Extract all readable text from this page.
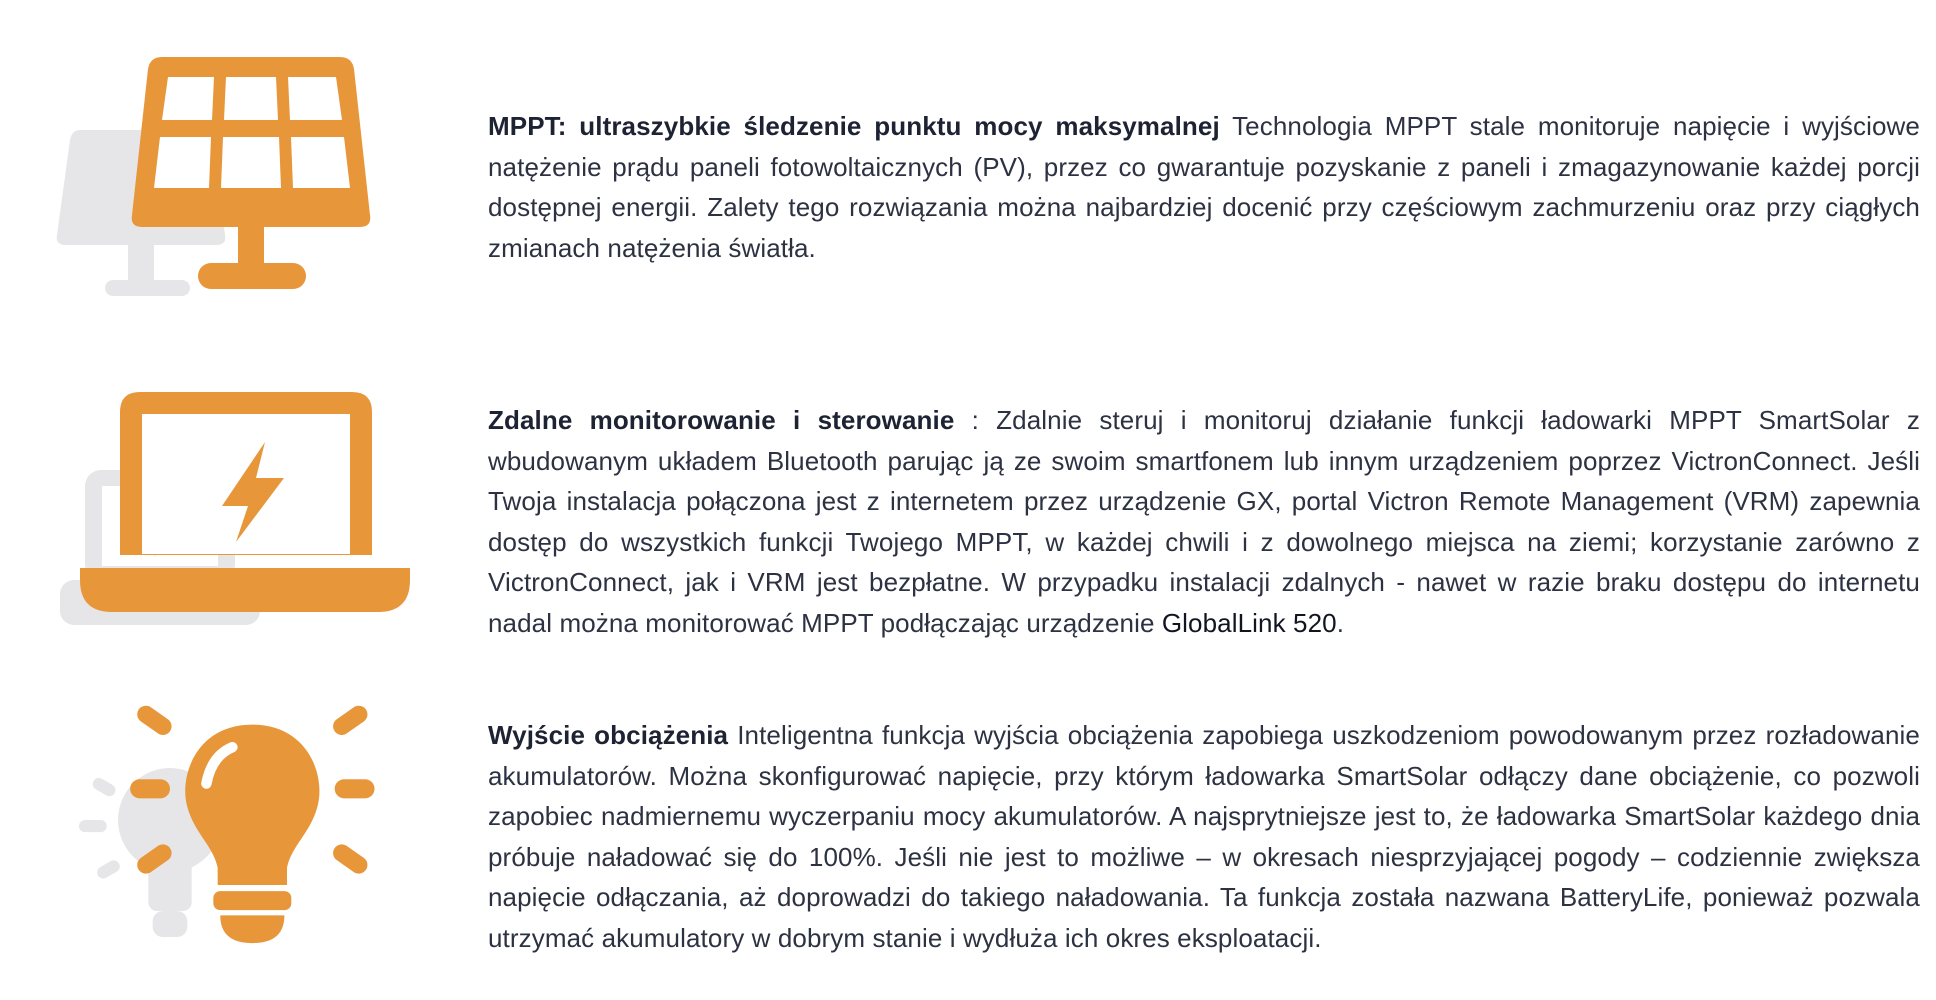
MPPT: ultraszybkie śledzenie punktu mocy maksymalnej Technologia MPPT stale monitoruje napięcie i wyjściowe natężenie prądu paneli fotowoltaicznych (PV), przez co gwarantuje pozyskanie z paneli i zmagazynowanie każdej porcji dostępnej energii. Zalety tego rozwiązania można najbardziej docenić przy częściowym zachmurzeniu oraz przy ciągłych zmianach natężenia światła.

Zdalne monitorowanie i sterowanie : Zdalnie steruj i monitoruj działanie funkcji ładowarki MPPT SmartSolar z wbudowanym układem Bluetooth parując ją ze swoim smartfonem lub innym urządzeniem poprzez VictronConnect. Jeśli Twoja instalacja połączona jest z internetem przez urządzenie GX, portal Victron Remote Management (VRM) zapewnia dostęp do wszystkich funkcji Twojego MPPT, w każdej chwili i z dowolnego miejsca na ziemi; korzystanie zarówno z VictronConnect, jak i VRM jest bezpłatne. W przypadku instalacji zdalnych - nawet w razie braku dostępu do internetu nadal można monitorować MPPT podłączając urządzenie GlobalLink 520.

Wyjście obciążenia Inteligentna funkcja wyjścia obciążenia zapobiega uszkodzeniom powodowanym przez rozładowanie akumulatorów. Można skonfigurować napięcie, przy którym ładowarka SmartSolar odłączy dane obciążenie, co pozwoli zapobiec nadmiernemu wyczerpaniu mocy akumulatorów. A najsprytniejsze jest to, że ładowarka SmartSolar każdego dnia próbuje naładować się do 100%. Jeśli nie jest to możliwe – w okresach niesprzyjającej pogody – codziennie zwiększa napięcie odłączania, aż doprowadzi do takiego naładowania. Ta funkcja została nazwana BatteryLife, ponieważ pozwala utrzymać akumulatory w dobrym stanie i wydłuża ich okres eksploatacji.
